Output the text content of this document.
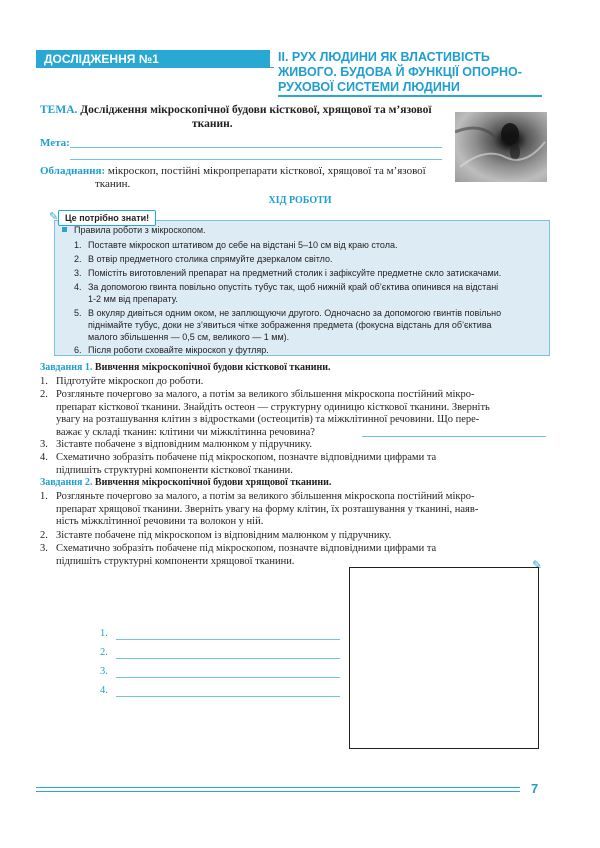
ДОСЛІДЖЕННЯ №1	II. РУХ ЛЮДИНИ ЯК ВЛАСТИВІСТЬ
ЖИВОГО. БУДОВА Й ФУНКЦІЇ ОПОРНО-
РУХОВОЇ СИСТЕМИ ЛЮДИНИ
ТЕМА. Дослідження мікроскопічної будови кісткової, хрящової та м’язової
тканин.
Мета:
Обладнання: мікроскоп, постійні мікропрепарати кісткової, хрящової та м’язової
тканин.
ХІД РОБОТИ
✎ Це потрібно знати!
Правила роботи з мікроскопом.
1. Поставте мікроскоп штативом до себе на відстані 5–10 см від краю стола.
2. В отвір предметного столика спрямуйте дзеркалом світло.
3. Помістіть виготовлений препарат на предметний столик і зафіксуйте предметне скло затискачами.
4. За допомогою гвинта повільно опустіть тубус так, щоб нижній край об’єктива опинився на відстані
1-2 мм від препарату.
5. В окуляр дивіться одним оком, не заплющуючи другого. Одночасно за допомогою гвинтів повільно
піднімайте тубус, доки не з’явиться чітке зображення предмета (фокусна відстань для об’єктива
малого збільшення — 0,5 см, великого — 1 мм).
6. Після роботи сховайте мікроскоп у футляр.
Завдання 1. Вивчення мікроскопічної будови кісткової тканини.
1. Підготуйте мікроскоп до роботи.
2. Розгляньте почергово за малого, а потім за великого збільшення мікроскопа постійний мікро-
препарат кісткової тканини. Знайдіть остеон — структурну одиницю кісткової тканини. Зверніть
увагу на розташування клітин з відростками (остеоцитів) та міжклітинної речовини. Що пере-
важає у складі тканин: клітини чи міжклітинна речовина?
3. Зіставте побачене з відповідним малюнком у підручнику.
4. Схематично зобразіть побачене під мікроскопом, позначте відповідними цифрами та
підпишіть структурні компоненти кісткової тканини.
Завдання 2. Вивчення мікроскопічної будови хрящової тканини.
1. Розгляньте почергово за малого, а потім за великого збільшення мікроскопа постійний мікро-
препарат хрящової тканини. Зверніть увагу на форму клітин, їх розташування у тканині, наяв-
ність міжклітинної речовини та волокон у ній.
2. Зіставте побачене під мікроскопом із відповідним малюнком у підручнику.
3. Схематично зобразіть побачене під мікроскопом, позначте відповідними цифрами та
підпишіть структурні компоненти хрящової тканини.	✎
1.
2.
3.
4.
7
